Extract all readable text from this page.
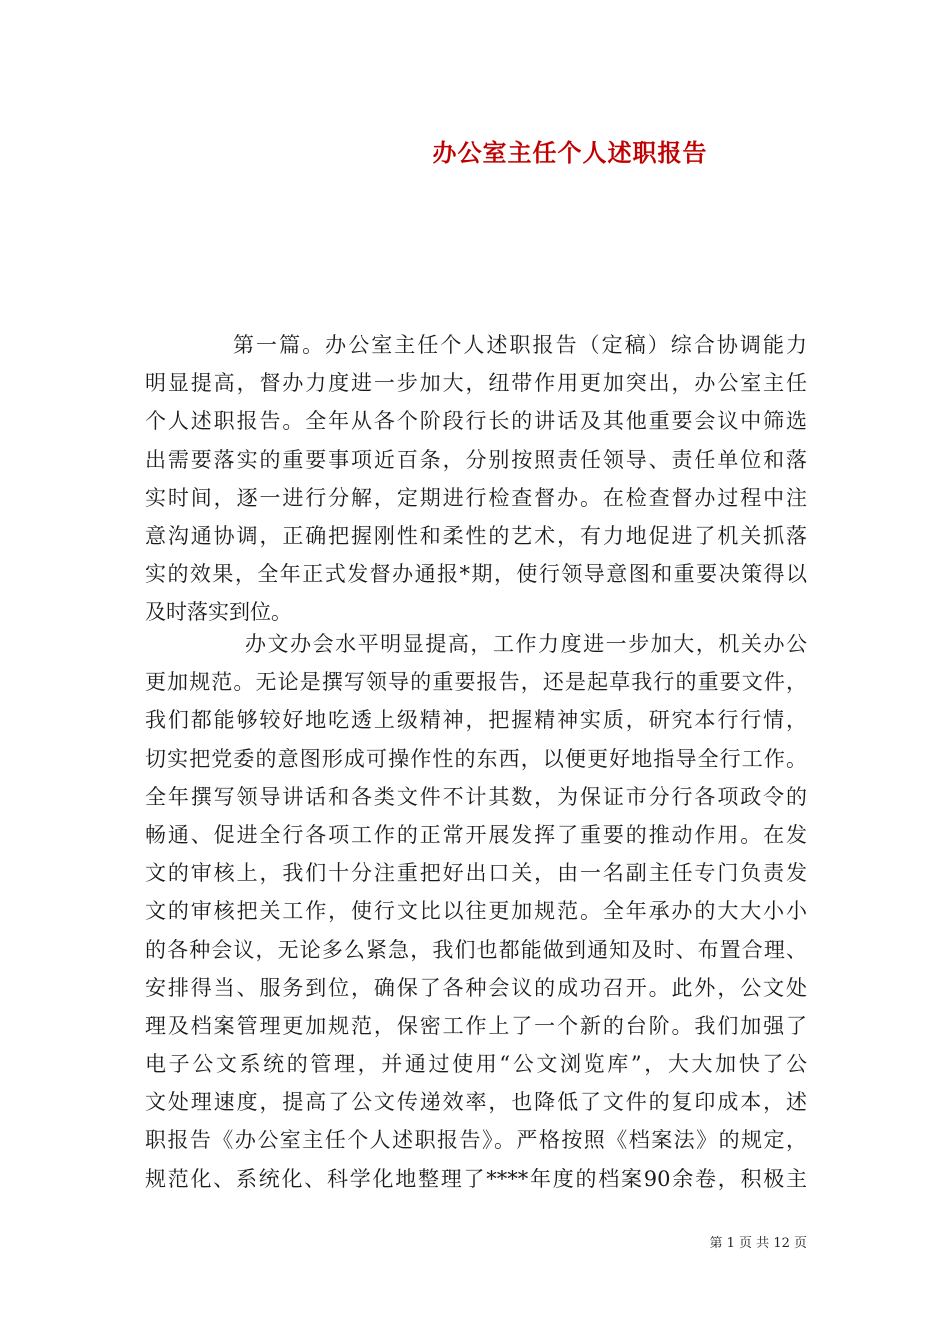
办公室主任个人述职报告
第一篇。办公室主任个人述职报告（定稿）综合协调能力
明显提高，督办力度进一步加大，纽带作用更加突出，办公室主任
个人述职报告。全年从各个阶段行长的讲话及其他重要会议中筛选
出需要落实的重要事项近百条，分别按照责任领导、责任单位和落
实时间，逐一进行分解，定期进行检查督办。在检查督办过程中注
意沟通协调，正确把握刚性和柔性的艺术，有力地促进了机关抓落
实的效果，全年正式发督办通报*期，使行领导意图和重要决策得以
及时落实到位。
办文办会水平明显提高，工作力度进一步加大，机关办公
更加规范。无论是撰写领导的重要报告，还是起草我行的重要文件，
我们都能够较好地吃透上级精神，把握精神实质，研究本行行情，
切实把党委的意图形成可操作性的东西，以便更好地指导全行工作。
全年撰写领导讲话和各类文件不计其数，为保证市分行各项政令的
畅通、促进全行各项工作的正常开展发挥了重要的推动作用。在发
文的审核上，我们十分注重把好出口关，由一名副主任专门负责发
文的审核把关工作，使行文比以往更加规范。全年承办的大大小小
的各种会议，无论多么紧急，我们也都能做到通知及时、布置合理、
安排得当、服务到位，确保了各种会议的成功召开。此外，公文处
理及档案管理更加规范，保密工作上了一个新的台阶。我们加强了
电子公文系统的管理，并通过使用“公文浏览库”，大大加快了公
文处理速度，提高了公文传递效率，也降低了文件的复印成本，述
职报告《办公室主任个人述职报告》。严格按照《档案法》的规定，
规范化、系统化、科学化地整理了****年度的档案90余卷，积极主
第 1 页 共 12 页
